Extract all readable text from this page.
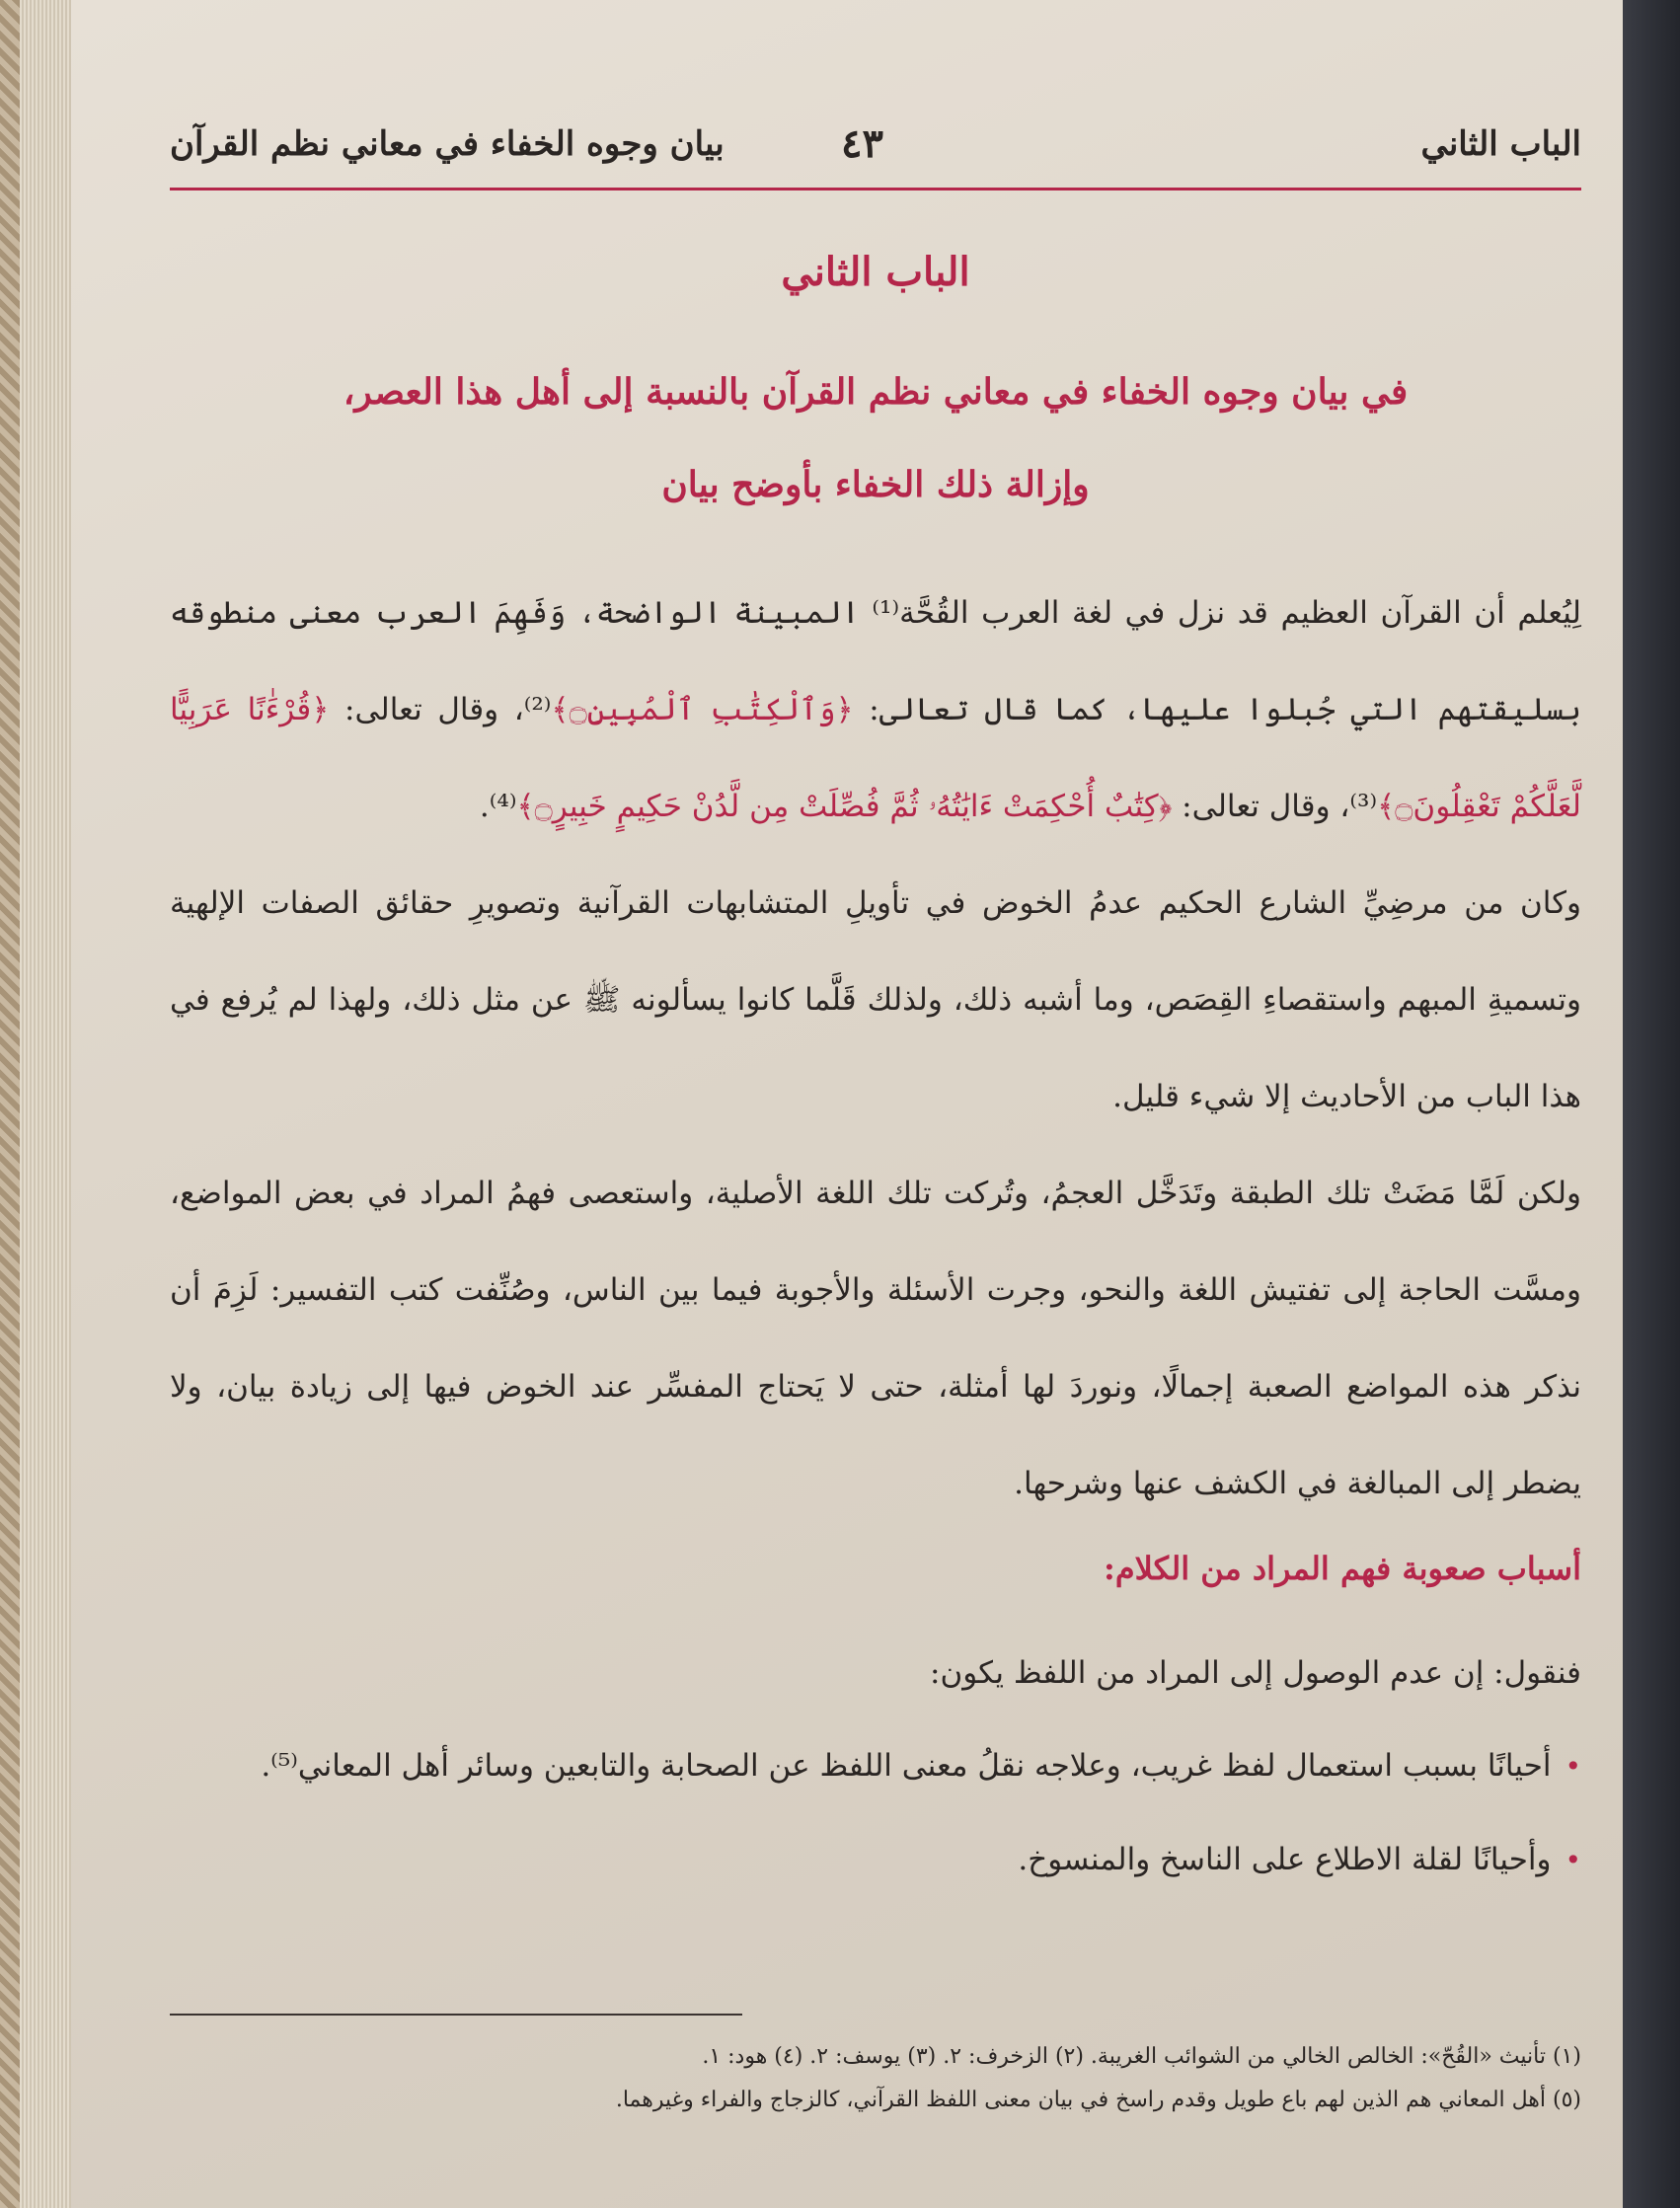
الباب الثاني
٤٣
بيان وجوه الخفاء في معاني نظم القرآن
الباب الثاني
في بيان وجوه الخفاء في معاني نظم القرآن بالنسبة إلى أهل هذا العصر،
وإزالة ذلك الخفاء بأوضح بيان

لِيُعلم أن القرآن العظيم قد نزل في لغة العرب القُحَّة⁽¹⁾ المبينة الواضحة، وَفَهِمَ العرب معنى منطوقه بسليقتهم التي جُبلوا عليها، كما قال تعالى: ﴿وَٱلْكِتَٰبِ ٱلْمُبِينِ۝﴾⁽²⁾، وقال تعالى: ﴿قُرْءَٰنًا عَرَبِيًّا لَّعَلَّكُمْ تَعْقِلُونَ۝﴾⁽³⁾، وقال تعالى: ﴿كِتَٰبٌ أُحْكِمَتْ ءَايَٰتُهُۥ ثُمَّ فُصِّلَتْ مِن لَّدُنْ حَكِيمٍ خَبِيرٍ۝﴾⁽⁴⁾.

وكان من مرضِيِّ الشارع الحكيم عدمُ الخوض في تأويلِ المتشابهات القرآنية وتصويرِ حقائق الصفات الإلهية وتسميةِ المبهم واستقصاءِ القِصَص، وما أشبه ذلك، ولذلك قَلَّما كانوا يسألونه ﷺ عن مثل ذلك، ولهذا لم يُرفع في هذا الباب من الأحاديث إلا شيء قليل.

ولكن لَمَّا مَضَتْ تلك الطبقة وتَدَخَّل العجمُ، وتُركت تلك اللغة الأصلية، واستعصى فهمُ المراد في بعض المواضع، ومسَّت الحاجة إلى تفتيش اللغة والنحو، وجرت الأسئلة والأجوبة فيما بين الناس، وصُنِّفت كتب التفسير: لَزِمَ أن نذكر هذه المواضع الصعبة إجمالًا، ونوردَ لها أمثلة، حتى لا يَحتاج المفسِّر عند الخوض فيها إلى زيادة بيان، ولا يضطر إلى المبالغة في الكشف عنها وشرحها.

أسباب صعوبة فهم المراد من الكلام:
فنقول: إن عدم الوصول إلى المراد من اللفظ يكون:
•أحيانًا بسبب استعمال لفظ غريب، وعلاجه نقلُ معنى اللفظ عن الصحابة والتابعين وسائر أهل المعاني⁽⁵⁾.
•وأحيانًا لقلة الاطلاع على الناسخ والمنسوخ.
(١) تأنيث «القُحّ»: الخالص الخالي من الشوائب الغريبة. (٢) الزخرف: ٢. (٣) يوسف: ٢. (٤) هود: ١.
(٥) أهل المعاني هم الذين لهم باع طويل وقدم راسخ في بيان معنى اللفظ القرآني، كالزجاج والفراء وغيرهما.
